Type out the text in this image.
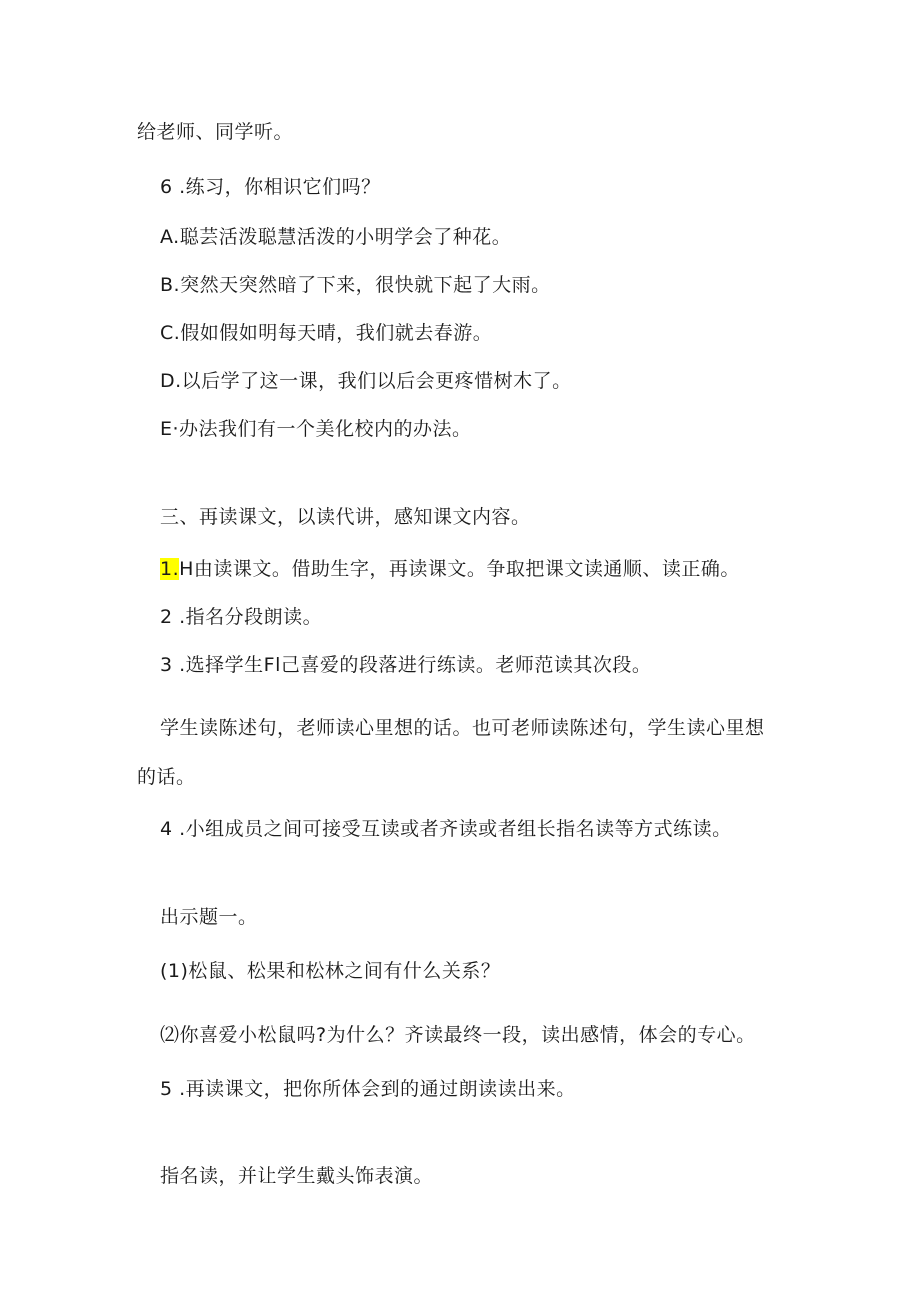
给老师、同学听。
6 .练习，你相识它们吗？
A.聪芸活泼聪慧活泼的小明学会了种花。
B.突然天突然暗了下来，很快就下起了大雨。
C.假如假如明每天晴，我们就去春游。
D.以后学了这一课，我们以后会更疼惜树木了。
E·办法我们有一个美化校内的办法。
三、再读课文，以读代讲，感知课文内容。
1.H由读课文。借助生字，再读课文。争取把课文读通顺、读正确。
2 .指名分段朗读。
3 .选择学生Fl己喜爱的段落进行练读。老师范读其次段。
学生读陈述句，老师读心里想的话。也可老师读陈述句，学生读心里想
的话。
4 .小组成员之间可接受互读或者齐读或者组长指名读等方式练读。
出示题一。
(1)松鼠、松果和松林之间有什么关系？
⑵你喜爱小松鼠吗?为什么？齐读最终一段，读出感情，体会的专心。
5 .再读课文，把你所体会到的通过朗读读出来。
指名读，并让学生戴头饰表演。
